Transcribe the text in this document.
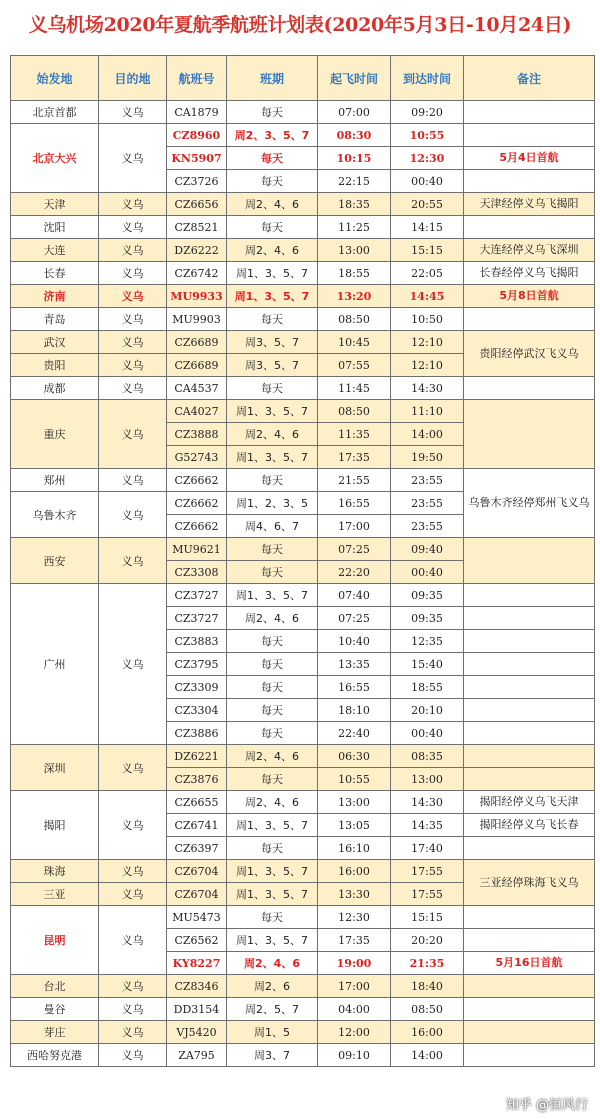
义乌机场2020年夏航季航班计划表(2020年5月3日-10月24日)
始发地	目的地	航班号	班期	起飞时间	到达时间	备注
北京首都	义乌	CA1879	每天	07:00	09:20	
北京大兴	义乌	CZ8960	周2、3、5、7	08:30	10:55	
		KN5907	每天	10:15	12:30	5月4日首航
		CZ3726	每天	22:15	00:40	
天津	义乌	CZ6656	周2、4、6	18:35	20:55	天津经停义乌飞揭阳
沈阳	义乌	CZ8521	每天	11:25	14:15	
大连	义乌	DZ6222	周2、4、6	13:00	15:15	大连经停义乌飞深圳
长春	义乌	CZ6742	周1、3、5、7	18:55	22:05	长春经停义乌飞揭阳
济南	义乌	MU9933	周1、3、5、7	13:20	14:45	5月8日首航
青岛	义乌	MU9903	每天	08:50	10:50	
武汉	义乌	CZ6689	周3、5、7	10:45	12:10	贵阳经停武汉飞义乌
贵阳	义乌	CZ6689	周3、5、7	07:55	12:10	
成都	义乌	CA4537	每天	11:45	14:30	
重庆	义乌	CA4027	周1、3、5、7	08:50	11:10	
		CZ3888	周2、4、6	11:35	14:00	
		G52743	周1、3、5、7	17:35	19:50	
郑州	义乌	CZ6662	每天	21:55	23:55	乌鲁木齐经停郑州飞义乌
乌鲁木齐	义乌	CZ6662	周1、2、3、5	16:55	23:55	
		CZ6662	周4、6、7	17:00	23:55	
西安	义乌	MU9621	每天	07:25	09:40	
		CZ3308	每天	22:20	00:40	
广州	义乌	CZ3727	周1、3、5、7	07:40	09:35	
		CZ3727	周2、4、6	07:25	09:35	
		CZ3883	每天	10:40	12:35	
		CZ3795	每天	13:35	15:40	
		CZ3309	每天	16:55	18:55	
		CZ3304	每天	18:10	20:10	
		CZ3886	每天	22:40	00:40	
深圳	义乌	DZ6221	周2、4、6	06:30	08:35	
		CZ3876	每天	10:55	13:00	
揭阳	义乌	CZ6655	周2、4、6	13:00	14:30	揭阳经停义乌飞天津
		CZ6741	周1、3、5、7	13:05	14:35	揭阳经停义乌飞长春
		CZ6397	每天	16:10	17:40	
珠海	义乌	CZ6704	周1、3、5、7	16:00	17:55	三亚经停珠海飞义乌
三亚	义乌	CZ6704	周1、3、5、7	13:30	17:55	
昆明	义乌	MU5473	每天	12:30	15:15	
		CZ6562	周1、3、5、7	17:35	20:20	
		KY8227	周2、4、6	19:00	21:35	5月16日首航
台北	义乌	CZ8346	周2、6	17:00	18:40	
曼谷	义乌	DD3154	周2、5、7	04:00	08:50	
芽庄	义乌	VJ5420	周1、5	12:00	16:00	
西哈努克港	义乌	ZA795	周3、7	09:10	14:00	
知乎 @恒风行
